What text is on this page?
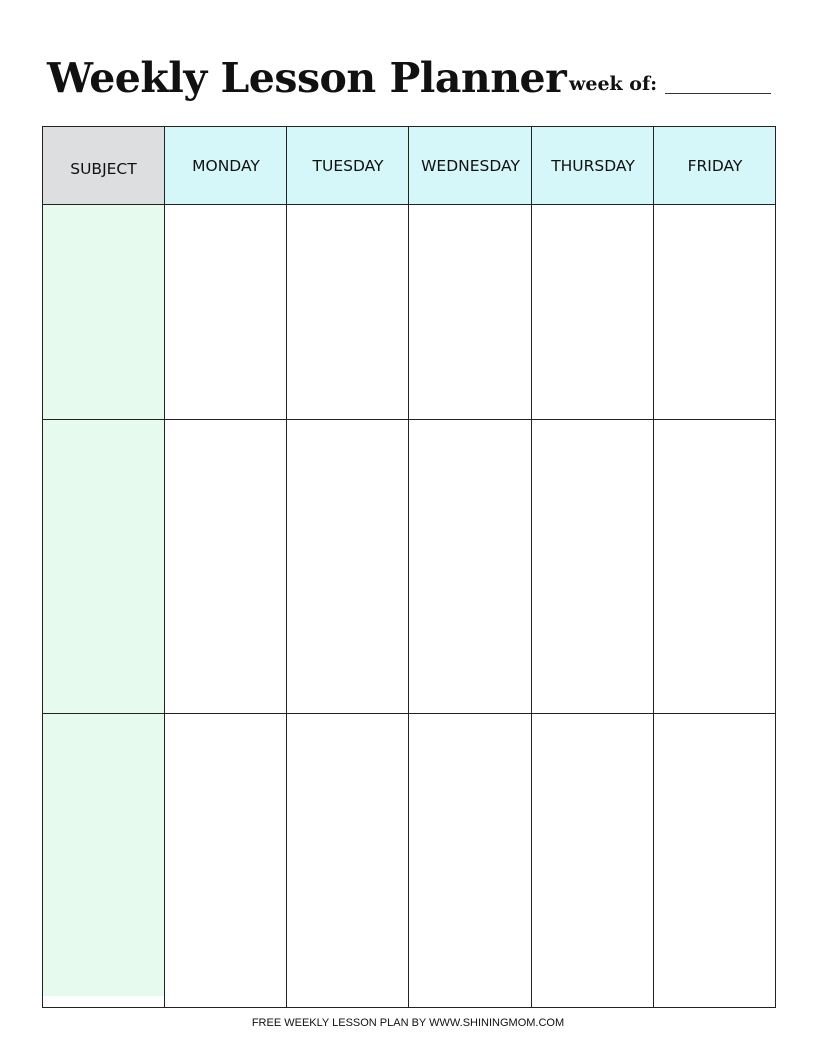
Weekly Lesson Planner week of:
SUBJECT	MONDAY	TUESDAY	WEDNESDAY	THURSDAY	FRIDAY
FREE WEEKLY LESSON PLAN BY WWW.SHININGMOM.COM
